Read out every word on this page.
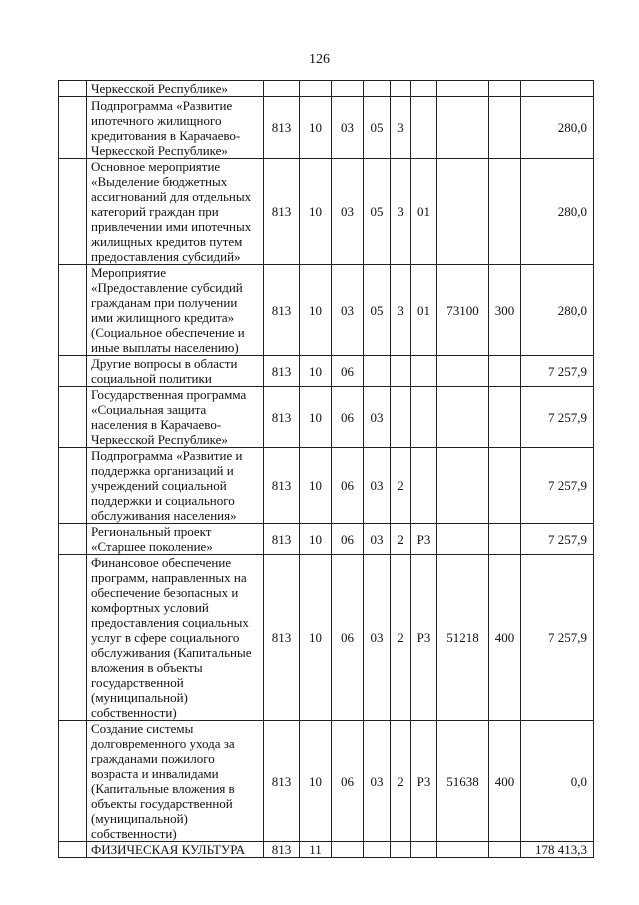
126
	Черкесской Республике»									
	Подпрограмма «Развитие ипотечного жилищного кредитования в Карачаево-Черкесской Республике»	813	10	03	05	3				280,0
	Основное мероприятие «Выделение бюджетных ассигнований для отдельных категорий граждан при привлечении ими ипотечных жилищных кредитов путем предоставления субсидий»	813	10	03	05	3	01			280,0
	Мероприятие «Предоставление субсидий гражданам при получении ими жилищного кредита» (Социальное обеспечение и иные выплаты населению)	813	10	03	05	3	01	73100	300	280,0
	Другие вопросы в области социальной политики	813	10	06						7 257,9
	Государственная программа «Социальная защита населения в Карачаево-Черкесской Республике»	813	10	06	03					7 257,9
	Подпрограмма «Развитие и поддержка организаций и учреждений социальной поддержки и социального обслуживания населения»	813	10	06	03	2				7 257,9
	Региональный проект «Старшее поколение»	813	10	06	03	2	Р3			7 257,9
	Финансовое обеспечение программ, направленных на обеспечение безопасных и комфортных условий предоставления социальных услуг в сфере социального обслуживания (Капитальные вложения в объекты государственной (муниципальной) собственности)	813	10	06	03	2	Р3	51218	400	7 257,9
	Создание системы долговременного ухода за гражданами пожилого возраста и инвалидами (Капитальные вложения в объекты государственной (муниципальной) собственности)	813	10	06	03	2	Р3	51638	400	0,0
	ФИЗИЧЕСКАЯ КУЛЬТУРА	813	11							178 413,3
